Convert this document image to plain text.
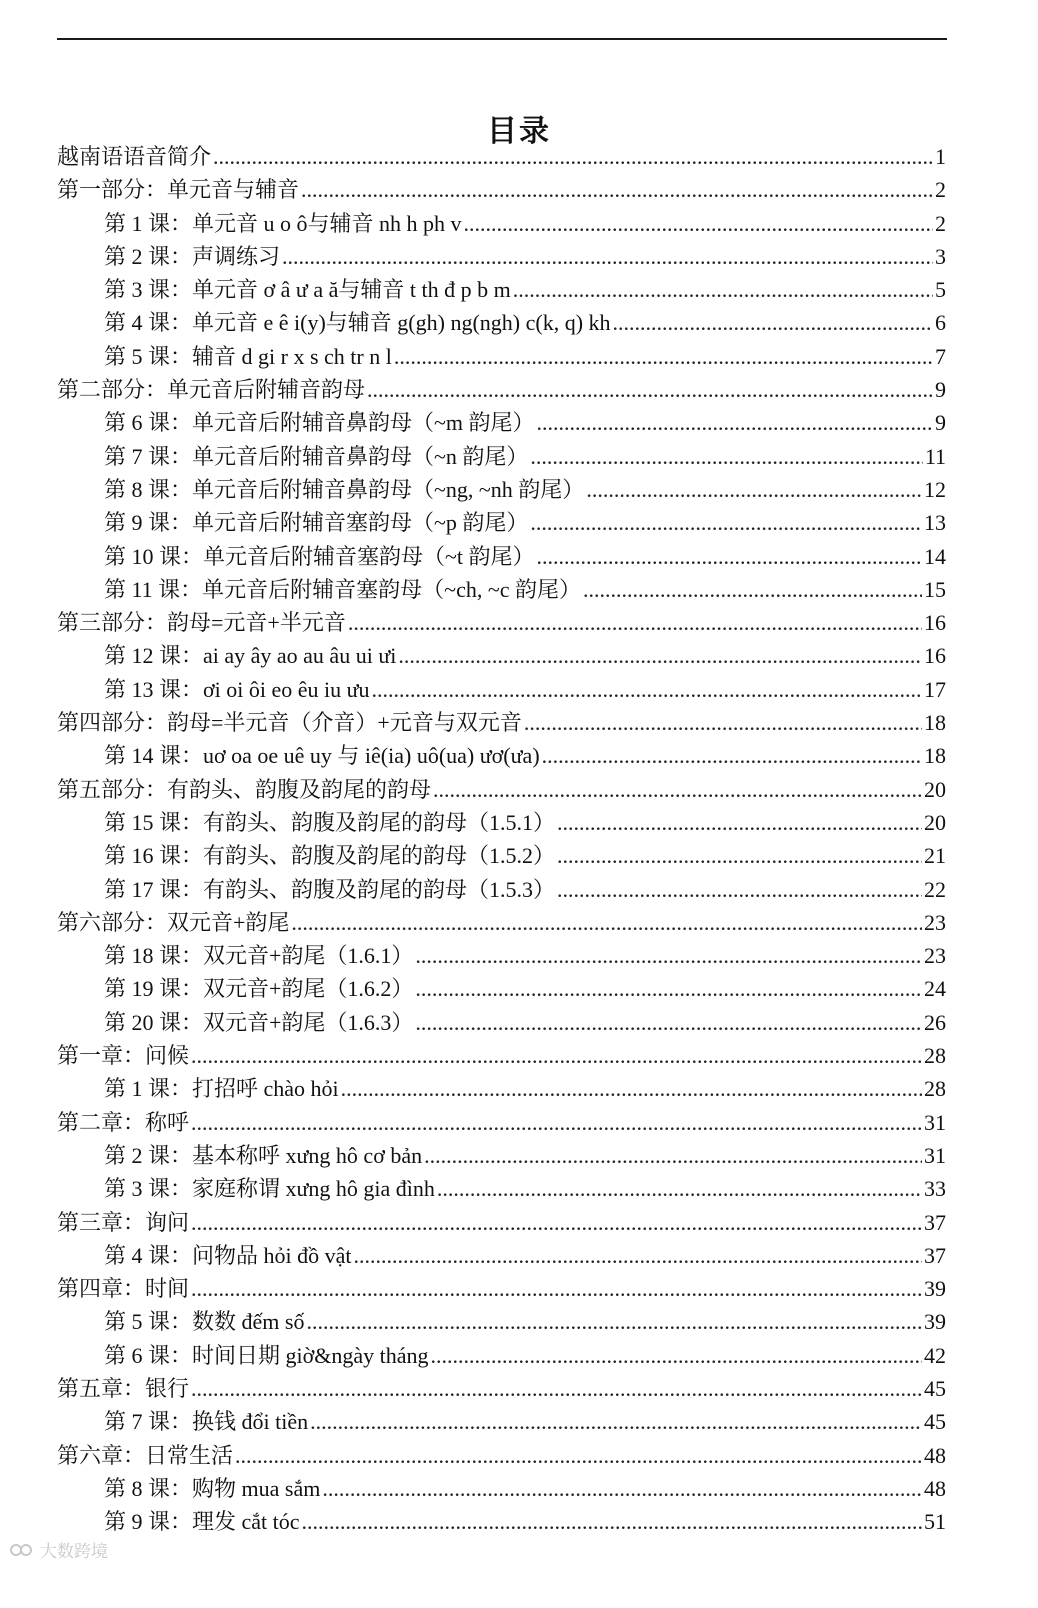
目录
越南语语音简介 .....	1
第一部分：单元音与辅音 .....	2
第 1 课：单元音 u o ô与辅音 nh h ph v .....	2
第 2 课：声调练习 .....	3
第 3 课：单元音 ơ â ư a ă与辅音 t th đ p b m .....	5
第 4 课：单元音 e ê i(y)与辅音 g(gh) ng(ngh) c(k, q) kh .....	6
第 5 课：辅音 d gi r x s ch tr n l .....	7
第二部分：单元音后附辅音韵母 .....	9
第 6 课：单元音后附辅音鼻韵母（~m 韵尾） .....	9
第 7 课：单元音后附辅音鼻韵母（~n 韵尾） .....	11
第 8 课：单元音后附辅音鼻韵母（~ng, ~nh 韵尾） .....	12
第 9 课：单元音后附辅音塞韵母（~p 韵尾） .....	13
第 10 课：单元音后附辅音塞韵母（~t 韵尾） .....	14
第 11 课：单元音后附辅音塞韵母（~ch, ~c 韵尾） .....	15
第三部分：韵母=元音+半元音 .....	16
第 12 课：ai ay ây ao au âu ui ưi .....	16
第 13 课：ơi oi ôi eo êu iu ưu .....	17
第四部分：韵母=半元音（介音）+元音与双元音 .....	18
第 14 课：uơ oa oe uê uy 与 iê(ia) uô(ua) ươ(ưa) .....	18
第五部分：有韵头、韵腹及韵尾的韵母 .....	20
第 15 课：有韵头、韵腹及韵尾的韵母（1.5.1） .....	20
第 16 课：有韵头、韵腹及韵尾的韵母（1.5.2） .....	21
第 17 课：有韵头、韵腹及韵尾的韵母（1.5.3） .....	22
第六部分：双元音+韵尾 .....	23
第 18 课：双元音+韵尾（1.6.1） .....	23
第 19 课：双元音+韵尾（1.6.2） .....	24
第 20 课：双元音+韵尾（1.6.3） .....	26
第一章：问候 .....	28
第 1 课：打招呼 chào hỏi .....	28
第二章：称呼 .....	31
第 2 课：基本称呼 xưng hô cơ bản .....	31
第 3 课：家庭称谓 xưng hô gia đình .....	33
第三章：询问 .....	37
第 4 课：问物品 hỏi đồ vật .....	37
第四章：时间 .....	39
第 5 课：数数 đếm số .....	39
第 6 课：时间日期 giờ&ngày tháng .....	42
第五章：银行 .....	45
第 7 课：换钱 đổi tiền .....	45
第六章：日常生活 .....	48
第 8 课：购物 mua sắm .....	48
第 9 课：理发 cắt tóc .....	51
大数跨境
